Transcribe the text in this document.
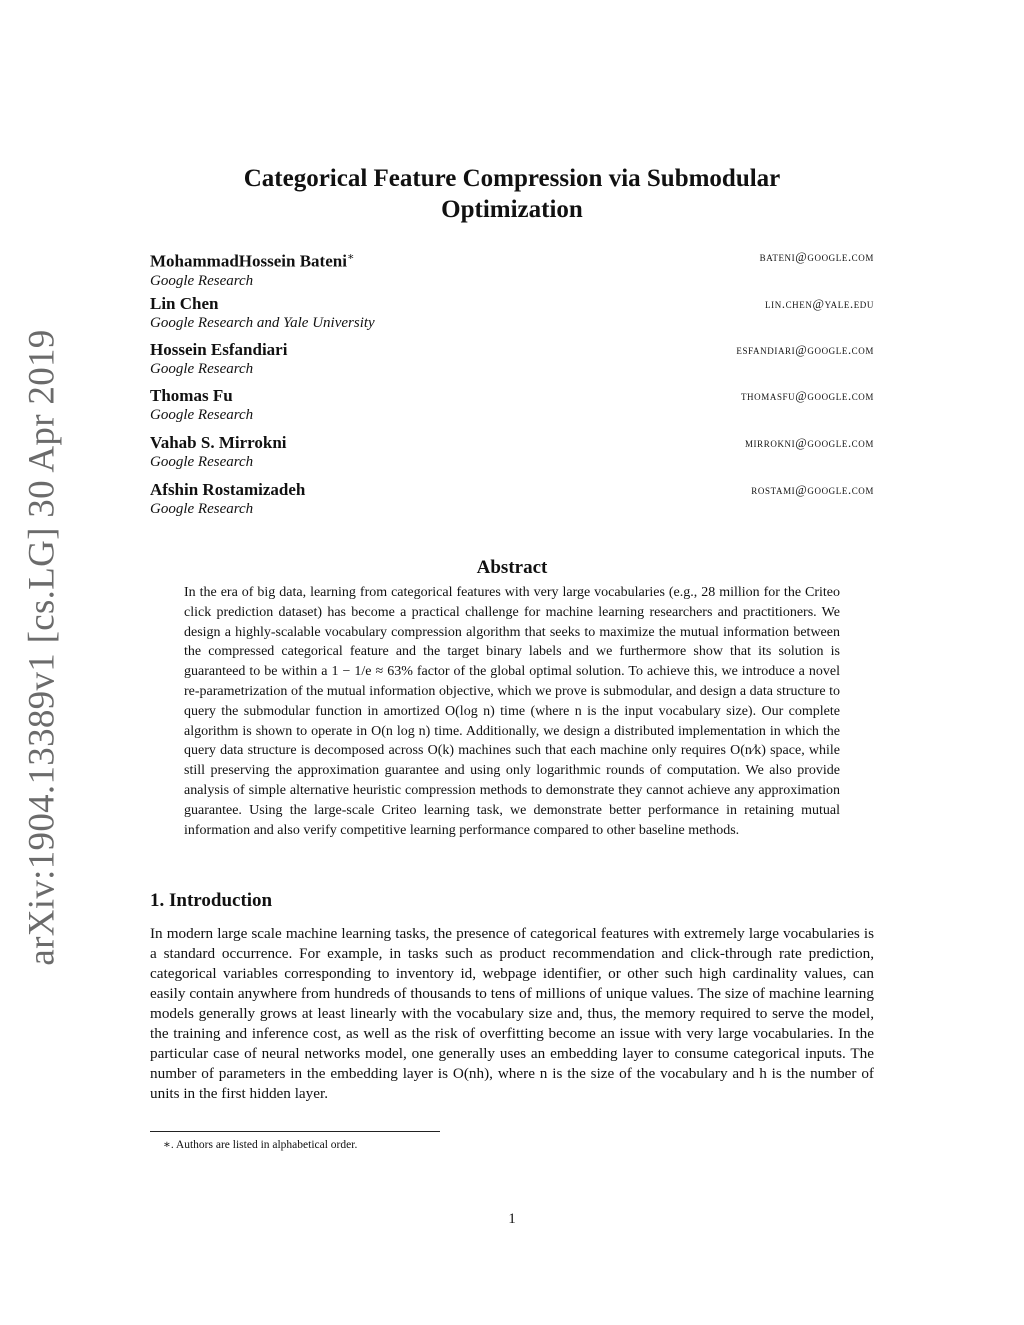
arXiv:1904.13389v1 [cs.LG] 30 Apr 2019
Categorical Feature Compression via Submodular
Optimization
MohammadHossein Bateni∗
Google Research
bateni@google.com
Lin Chen
Google Research and Yale University
lin.chen@yale.edu
Hossein Esfandiari
Google Research
esfandiari@google.com
Thomas Fu
Google Research
thomasfu@google.com
Vahab S. Mirrokni
Google Research
mirrokni@google.com
Afshin Rostamizadeh
Google Research
rostami@google.com
Abstract
In the era of big data, learning from categorical features with very large vocabularies (e.g., 28 million for the Criteo click prediction dataset) has become a practical challenge for machine learning researchers and practitioners. We design a highly-scalable vocabulary compression algorithm that seeks to maximize the mutual information between the compressed categorical feature and the target binary labels and we furthermore show that its solution is guaranteed to be within a 1 − 1/e ≈ 63% factor of the global optimal solution. To achieve this, we introduce a novel re-parametrization of the mutual information objective, which we prove is submodular, and design a data structure to query the submodular function in amortized O(log n) time (where n is the input vocabulary size). Our complete algorithm is shown to operate in O(n log n) time. Additionally, we design a distributed implementation in which the query data structure is decomposed across O(k) machines such that each machine only requires O(n⁄k) space, while still preserving the approximation guarantee and using only logarithmic rounds of computation. We also provide analysis of simple alternative heuristic compression methods to demonstrate they cannot achieve any approximation guarantee. Using the large-scale Criteo learning task, we demonstrate better performance in retaining mutual information and also verify competitive learning performance compared to other baseline methods.
1. Introduction
In modern large scale machine learning tasks, the presence of categorical features with extremely large vocabularies is a standard occurrence. For example, in tasks such as product recommendation and click-through rate prediction, categorical variables corresponding to inventory id, webpage identifier, or other such high cardinality values, can easily contain anywhere from hundreds of thousands to tens of millions of unique values. The size of machine learning models generally grows at least linearly with the vocabulary size and, thus, the memory required to serve the model, the training and inference cost, as well as the risk of overfitting become an issue with very large vocabularies. In the particular case of neural networks model, one generally uses an embedding layer to consume categorical inputs. The number of parameters in the embedding layer is O(nh), where n is the size of the vocabulary and h is the number of units in the first hidden layer.
∗. Authors are listed in alphabetical order.
1
